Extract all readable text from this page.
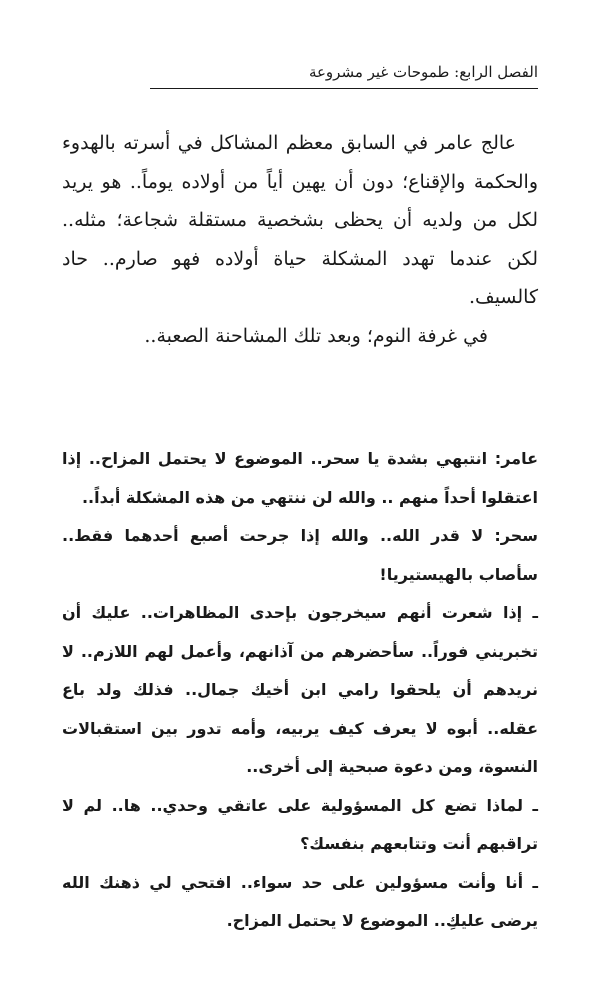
الفصل الرابع: طموحات غير مشروعة

عالج عامر في السابق معظم المشاكل في أسرته بالهدوء والحكمة والإقناع؛ دون أن يهين أياً من أولاده يوماً.. هو يريد لكل من ولديه أن يحظى بشخصية مستقلة شجاعة؛ مثله.. لكن عندما تهدد المشكلة حياة أولاده فهو صارم.. حاد كالسيف.

في غرفة النوم؛ وبعد تلك المشاحنة الصعبة..

عامر: انتبهي بشدة يا سحر.. الموضوع لا يحتمل المزاح.. إذا اعتقلوا أحداً منهم .. والله لن ننتهي من هذه المشكلة أبداً..

سحر: لا قدر الله.. والله إذا جرحت أصبع أحدهما فقط.. سأصاب بالهيستيريا!

ـ إذا شعرت أنهم سيخرجون بإحدى المظاهرات.. عليك أن تخبريني فوراً.. سأحضرهم من آذانهم، وأعمل لهم اللازم.. لا نريدهم أن يلحقوا رامي ابن أخيك جمال.. فذلك ولد باع عقله.. أبوه لا يعرف كيف يربيه، وأمه تدور بين استقبالات النسوة، ومن دعوة صبحية إلى أخرى..

ـ لماذا تضع كل المسؤولية على عاتقي وحدي.. ها.. لم لا تراقبهم أنت وتتابعهم بنفسك؟

ـ أنا وأنت مسؤولين على حد سواء.. افتحي لي ذهنك الله يرضى عليكِ.. الموضوع لا يحتمل المزاح.
